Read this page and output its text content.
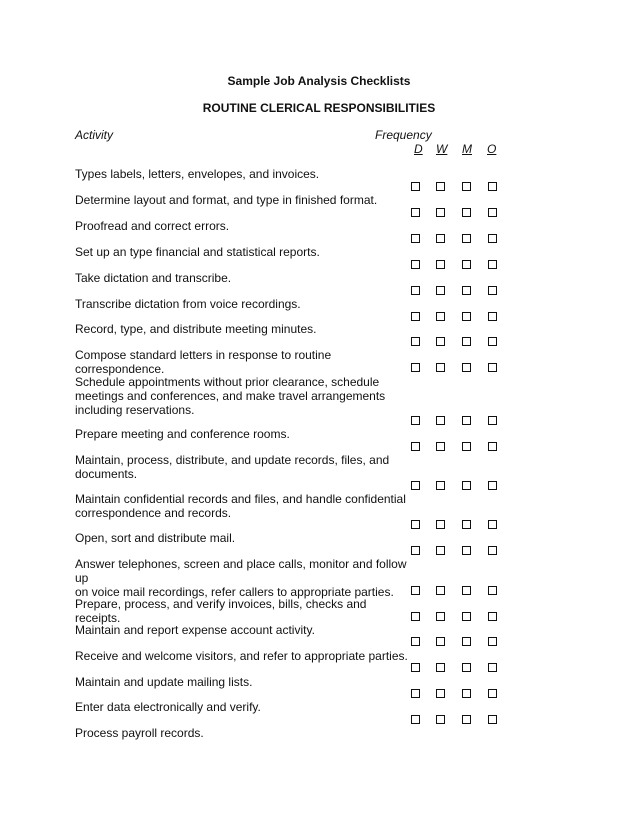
Sample Job Analysis Checklists
ROUTINE CLERICAL RESPONSIBILITIES
Activity	Frequency
D W M O
Types labels, letters, envelopes, and invoices.
Determine layout and format, and type in finished format.
Proofread and correct errors.
Set up an type financial and statistical reports.
Take dictation and transcribe.
Transcribe dictation from voice recordings.
Record, type, and distribute meeting minutes.
Compose standard letters in response to routine correspondence.
Schedule appointments without prior clearance, schedule
meetings and conferences, and make travel arrangements
including reservations.
Prepare meeting and conference rooms.
Maintain, process, distribute, and update records, files, and
documents.
Maintain confidential records and files, and handle confidential
correspondence and records.
Open, sort and distribute mail.
Answer telephones, screen and place calls, monitor and follow up
on voice mail recordings, refer callers to appropriate parties.
Prepare, process, and verify invoices, bills, checks and receipts.
Maintain and report expense account activity.
Receive and welcome visitors, and refer to appropriate parties.
Maintain and update mailing lists.
Enter data electronically and verify.
Process payroll records.
